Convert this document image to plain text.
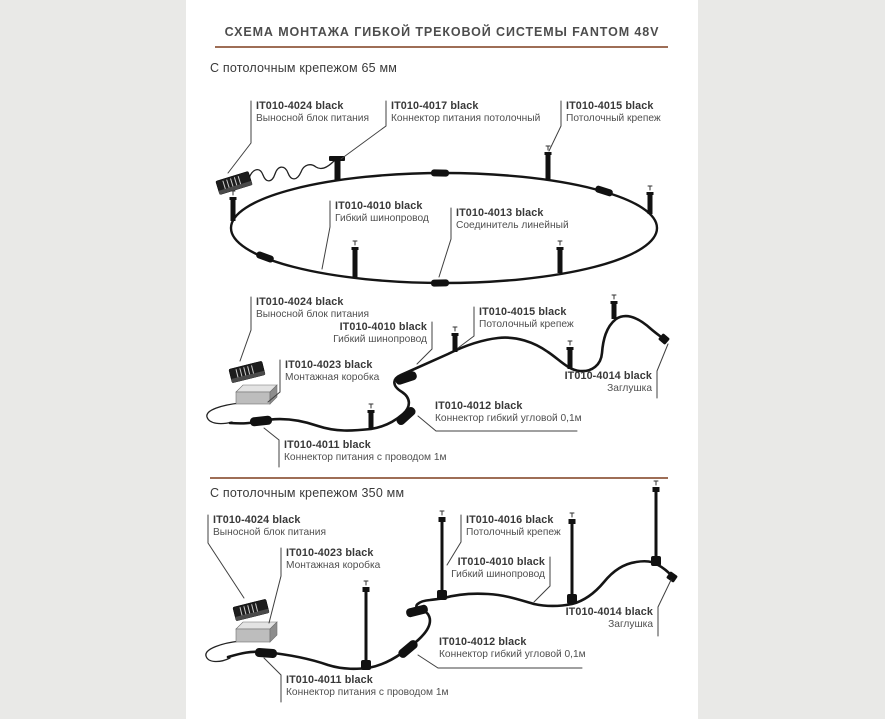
СХЕМА МОНТАЖА ГИБКОЙ ТРЕКОВОЙ СИСТЕМЫ FANTOM 48V
С потолочным крепежом 65 мм
С потолочным крепежом 350 мм
IT010-4024 black
Выносной блок питания
IT010-4017 black
Коннектор питания потолочный
IT010-4015 black
Потолочный крепеж
IT010-4010 black
Гибкий шинопровод	IT010-4013 black
Соединитель линейный
IT010-4024 black
Выносной блок питания
IT010-4010 black
Гибкий шинопровод
IT010-4015 black
Потолочный крепеж
IT010-4023 black
Монтажная коробка	IT010-4014 black
Заглушка
IT010-4012 black
Коннектор гибкий угловой 0,1м
IT010-4011 black
Коннектор питания с проводом 1м
IT010-4024 black
Выносной блок питания
IT010-4023 black
Монтажная коробка
IT010-4016 black
Потолочный крепеж
IT010-4010 black
Гибкий шинопровод
IT010-4014 black
Заглушка
IT010-4012 black
Коннектор гибкий угловой 0,1м
IT010-4011 black
Коннектор питания с проводом 1м
